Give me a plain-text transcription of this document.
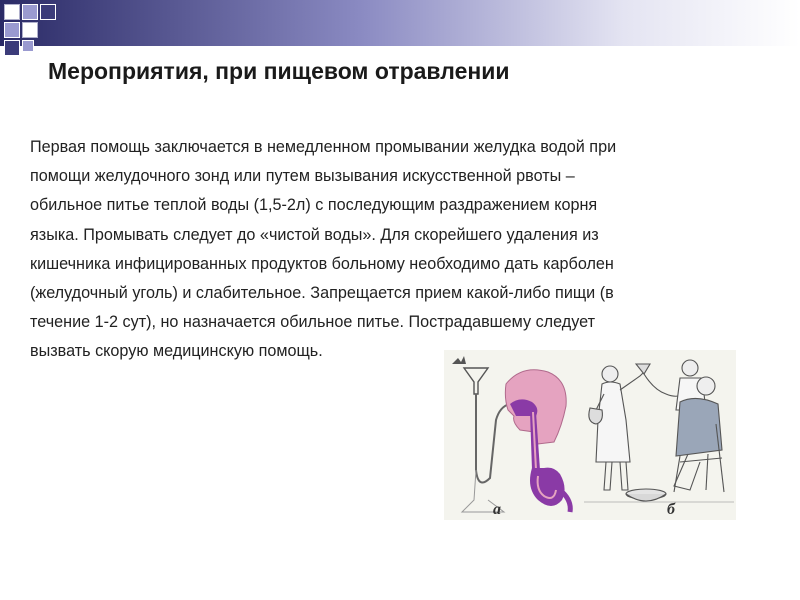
Мероприятия, при пищевом отравлении
Первая помощь заключается в немедленном промывании желудка водой при
помощи желудочного зонд или путем вызывания искусственной рвоты –
обильное питье теплой воды (1,5-2л) с последующим раздражением корня
языка. Промывать следует до «чистой воды». Для скорейшего удаления из
кишечника инфицированных продуктов больному необходимо дать карболен
(желудочный уголь) и слабительное. Запрещается прием какой-либо пищи (в
течение 1-2 сут), но назначается обильное питье. Пострадавшему следует
вызвать скорую медицинскую помощь.
а	б
